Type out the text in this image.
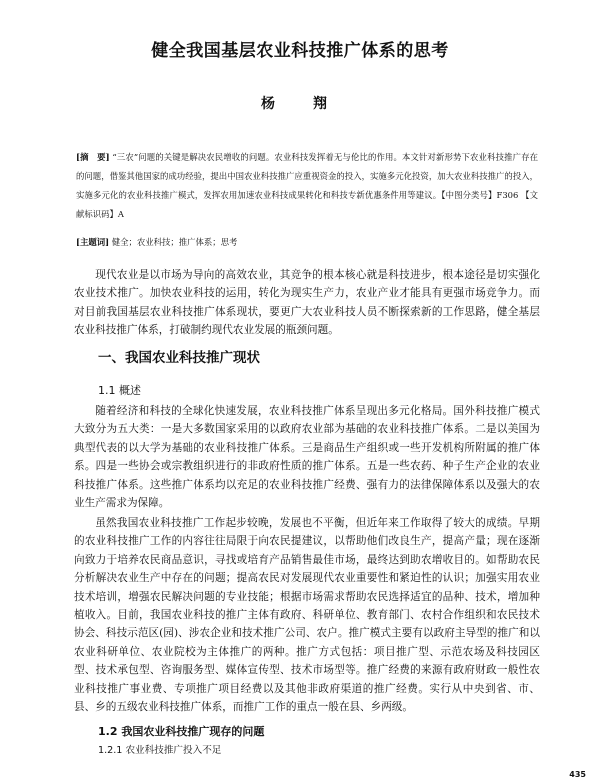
健全我国基层农业科技推广体系的思考
杨　翔
[摘　要] “三农”问题的关键是解决农民增收的问题。农业科技发挥着无与伦比的作用。本文针对新形势下农业科技推广存在的问题，借鉴其他国家的成功经验，提出中国农业科技推广应重视资金的投入，实施多元化投资，加大农业科技推广的投入，实施多元化的农业科技推广模式，发挥农用加速农业科技成果转化和科技专新优惠条件用等建议。【中图分类号】F306 【文献标识码】A
[主题词] 健全；农业科技；推广体系；思考

现代农业是以市场为导向的高效农业，其竞争的根本核心就是科技进步，根本途径是切实强化农业技术推广。加快农业科技的运用，转化为现实生产力，农业产业才能具有更强市场竞争力。而对目前我国基层农业科技推广体系现状，要更广大农业科技人员不断探索新的工作思路，健全基层农业科技推广体系，打破制约现代农业发展的瓶颈问题。

一、我国农业科技推广现状
1.1 概述

随着经济和科技的全球化快速发展，农业科技推广体系呈现出多元化格局。国外科技推广模式大致分为五大类：一是大多数国家采用的以政府农业部为基础的农业科技推广体系。二是以美国为典型代表的以大学为基础的农业科技推广体系。三是商品生产组织或一些开发机构所附属的推广体系。四是一些协会或宗教组织进行的非政府性质的推广体系。五是一些农药、种子生产企业的农业科技推广体系。这些推广体系均以充足的农业科技推广经费、强有力的法律保障体系以及强大的农业生产需求为保障。

虽然我国农业科技推广工作起步较晚，发展也不平衡，但近年来工作取得了较大的成绩。早期的农业科技推广工作的内容往往局限于向农民提建议，以帮助他们改良生产，提高产量；现在逐渐向致力于培养农民商品意识，寻找或培育产品销售最佳市场，最终达到助农增收目的。如帮助农民分析解决农业生产中存在的问题；提高农民对发展现代农业重要性和紧迫性的认识；加强实用农业技术培训，增强农民解决问题的专业技能；根据市场需求帮助农民选择适宜的品种、技术，增加种植收入。目前，我国农业科技的推广主体有政府、科研单位、教育部门、农村合作组织和农民技术协会、科技示范区(园)、涉农企业和技术推广公司、农户。推广模式主要有以政府主导型的推广和以农业科研单位、农业院校为主体推广的两种。推广方式包括：项目推广型、示范农场及科技园区型、技术承包型、咨询服务型、媒体宣传型、技术市场型等。推广经费的来源有政府财政一般性农业科技推广事业费、专项推广项目经费以及其他非政府渠道的推广经费。实行从中央到省、市、县、乡的五级农业科技推广体系，而推广工作的重点一般在县、乡两级。

1.2 我国农业科技推广现存的问题
1.2.1 农业科技推广投入不足
435
